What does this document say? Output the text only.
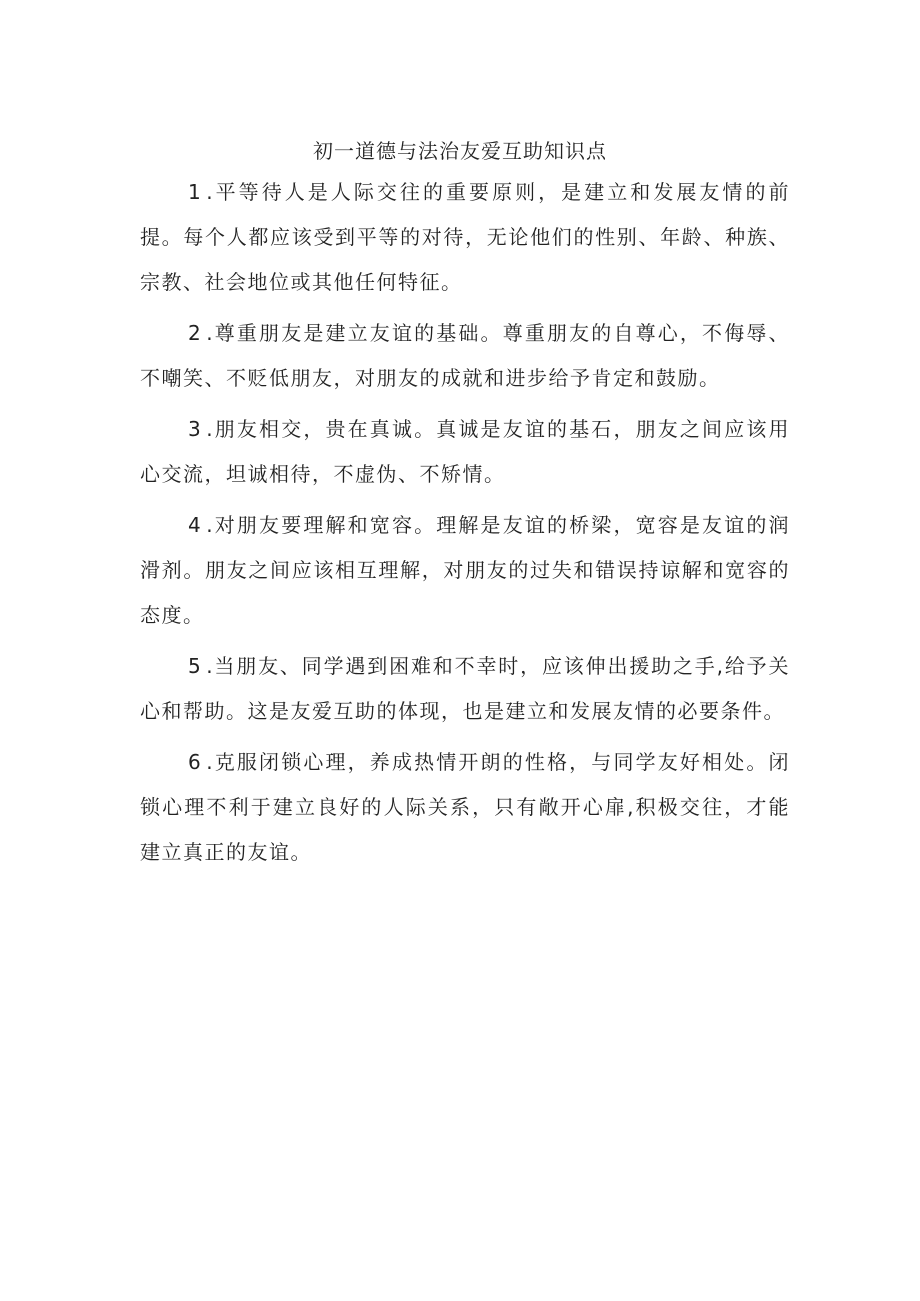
初一道德与法治友爱互助知识点

1 .平等待人是人际交往的重要原则，是建立和发展友情的前提。每个人都应该受到平等的对待，无论他们的性别、年龄、种族、宗教、社会地位或其他任何特征。

2 .尊重朋友是建立友谊的基础。尊重朋友的自尊心，不侮辱、不嘲笑、不贬低朋友，对朋友的成就和进步给予肯定和鼓励。

3 .朋友相交，贵在真诚。真诚是友谊的基石，朋友之间应该用心交流，坦诚相待，不虚伪、不矫情。

4 .对朋友要理解和宽容。理解是友谊的桥梁，宽容是友谊的润滑剂。朋友之间应该相互理解，对朋友的过失和错误持谅解和宽容的态度。

5 .当朋友、同学遇到困难和不幸时，应该伸出援助之手,给予关心和帮助。这是友爱互助的体现，也是建立和发展友情的必要条件。

6 .克服闭锁心理，养成热情开朗的性格，与同学友好相处。闭锁心理不利于建立良好的人际关系，只有敞开心扉,积极交往，才能建立真正的友谊。
